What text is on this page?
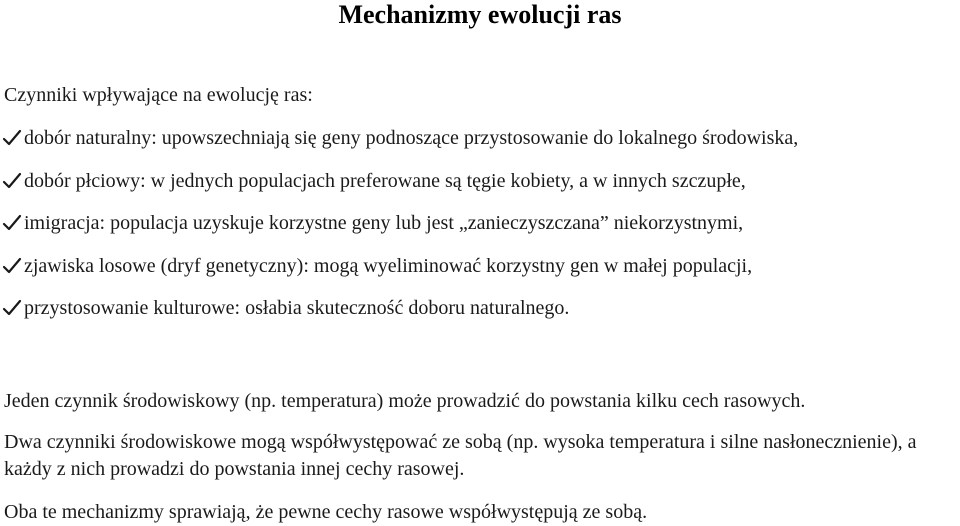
Mechanizmy ewolucji ras

Czynniki wpływające na ewolucję ras:

dobór naturalny: upowszechniają się geny podnoszące przystosowanie do lokalnego środowiska,
dobór płciowy: w jednych populacjach preferowane są tęgie kobiety, a w innych szczupłe,
imigracja: populacja uzyskuje korzystne geny lub jest „zanieczyszczana” niekorzystnymi,
zjawiska losowe (dryf genetyczny): mogą wyeliminować korzystny gen w małej populacji,
przystosowanie kulturowe: osłabia skuteczność doboru naturalnego.

Jeden czynnik środowiskowy (np. temperatura) może prowadzić do powstania kilku cech rasowych.

Dwa czynniki środowiskowe mogą współwystępować ze sobą (np. wysoka temperatura i silne nasłonecznienie), a każdy z nich prowadzi do powstania innej cechy rasowej.

Oba te mechanizmy sprawiają, że pewne cechy rasowe współwystępują ze sobą.
